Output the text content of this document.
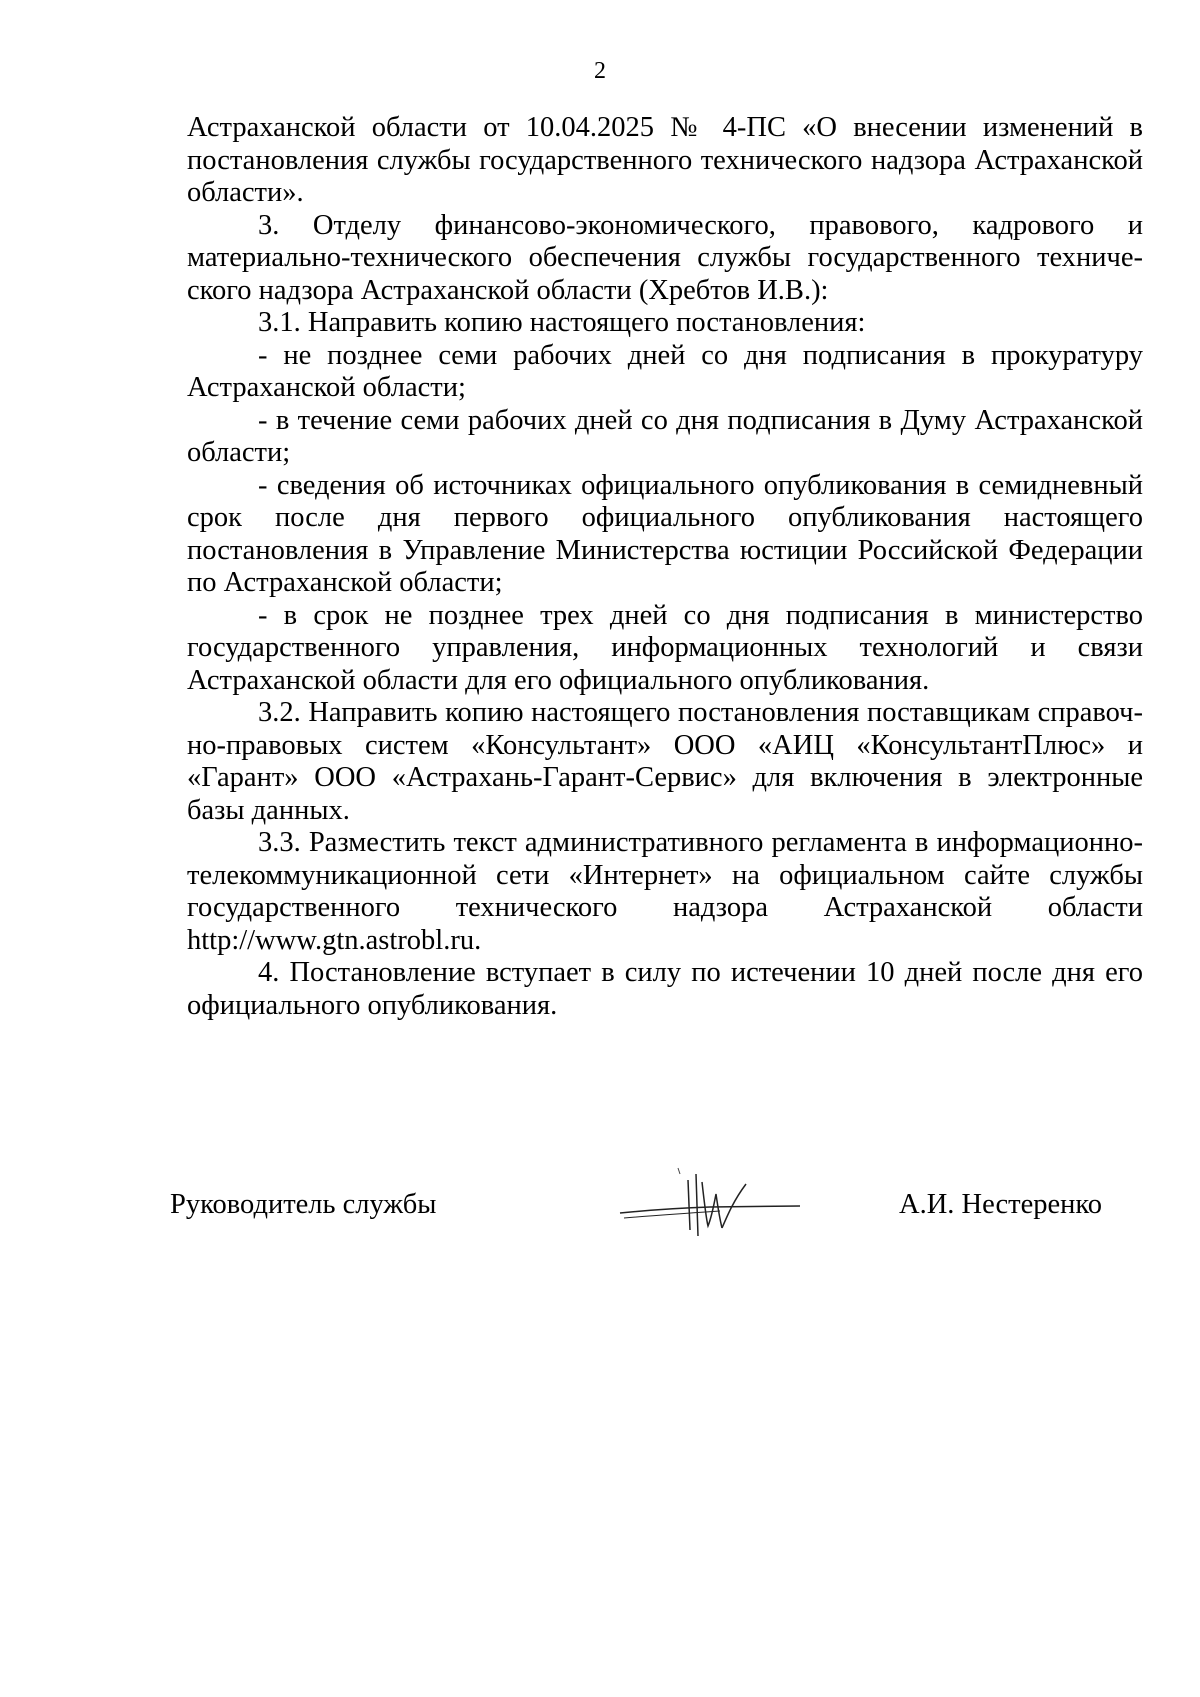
2

Астраханской области от 10.04.2025 № 4-ПС «О внесении изменений в постановления службы государственного технического надзора Астраханской области».

3. Отделу финансово-экономического, правового, кадрового и материально-технического обеспечения службы государственного техниче-ского надзора Астраханской области (Хребтов И.В.):

3.1. Направить копию настоящего постановления:

- не позднее семи рабочих дней со дня подписания в прокуратуру Астраханской области;

- в течение семи рабочих дней со дня подписания в Думу Астраханской области;

- сведения об источниках официального опубликования в семидневный срок после дня первого официального опубликования настоящего постановления в Управление Министерства юстиции Российской Федерации по Астраханской области;

- в срок не позднее трех дней со дня подписания в министерство государственного управления, информационных технологий и связи Астраханской области для его официального опубликования.

3.2. Направить копию настоящего постановления поставщикам справоч-но-правовых систем «Консультант» ООО «АИЦ «КонсультантПлюс» и «Гарант» ООО «Астрахань-Гарант-Сервис» для включения в электронные базы данных.

3.3. Разместить текст административного регламента в информационно-телекоммуникационной сети «Интернет» на официальном сайте службы государственного технического надзора Астраханской области

http://www.gtn.astrobl.ru.

4. Постановление вступает в силу по истечении 10 дней после дня его официального опубликования.

Руководитель службы	А.И. Нестеренко
